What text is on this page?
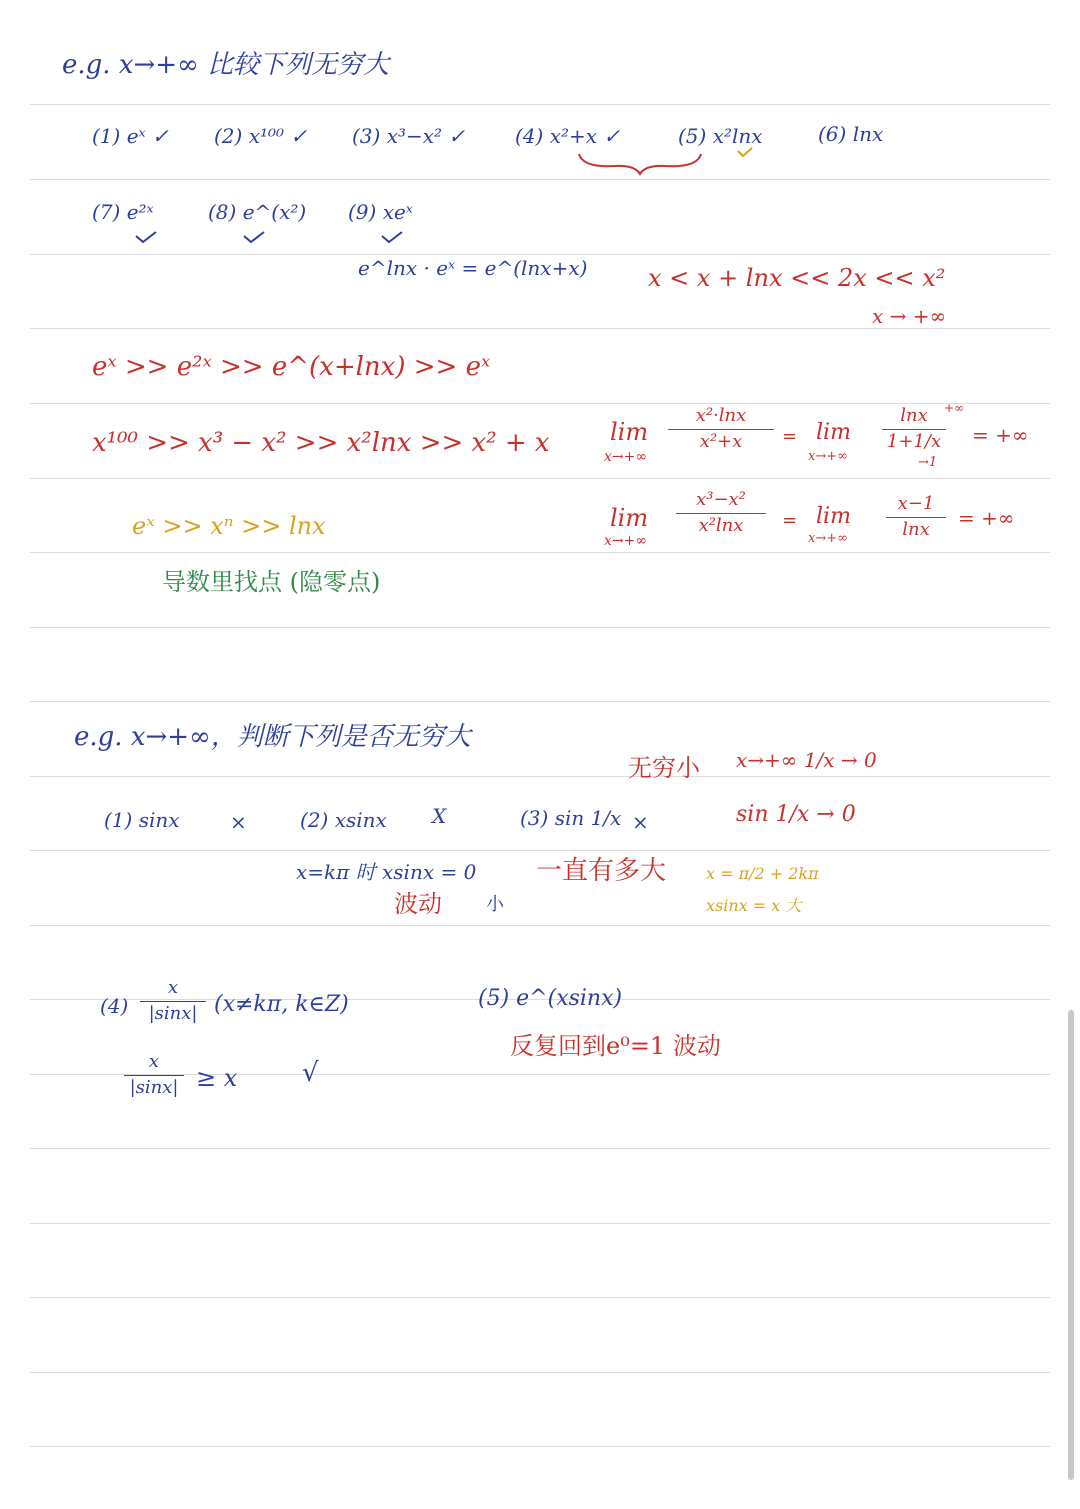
e.g. x→+∞ 比较下列无穷大
(1) eˣ ✓ (2) x¹⁰⁰ ✓ (3) x³−x² ✓ (4) x²+x ✓	(5) x²lnx	(6) lnx
(7) e²ˣ	(8) e^(x²) (9) xeˣ
e^lnx · eˣ = e^(lnx+x)	x < x + lnx << 2x << x²
x → +∞
eˣ >> e²ˣ >> e^(x+lnx) >> eˣ
x¹⁰⁰ >> x³ − x² >> x²lnx >> x² + x	lim
x→+∞
x²·lnx
x²+x = lim
x→+∞
lnx
1+1/x
→1
+∞
= +∞
lim
x→+∞
x³−x²
x²lnx = lim
x→+∞
x−1
lnx = +∞
eˣ >> xⁿ >> lnx
导数里找点 (隐零点)
e.g. x→+∞，判断下列是否无穷大
无穷小 x→+∞ 1/x → 0
sin 1/x → 0
(1) sinx	×	(2) xsinx X	(3) sin 1/x ×
x=kπ 时 xsinx = 0
波动 小
一直有多大 x = π/2 + 2kπ
xsinx = x 大
(4)
x
|sinx| (x≠kπ, k∈Z)
x
|sinx| ≥ x √
(5) e^(xsinx)
反复回到e⁰=1 波动
